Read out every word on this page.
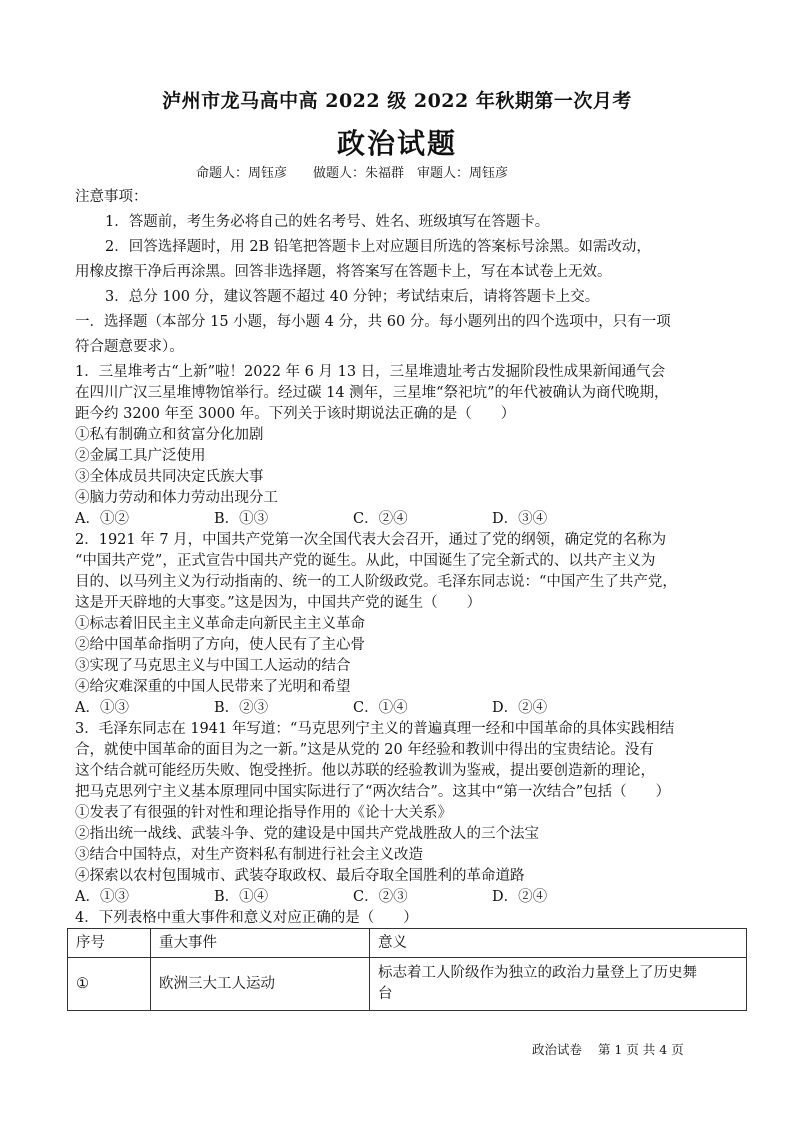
泸州市龙马高中高 2022 级 2022 年秋期第一次月考
政治试题
命题人：周钰彦　　做题人：朱福群　审题人：周钰彦
注意事项：
1．答题前，考生务必将自己的姓名考号、姓名、班级填写在答题卡。
2．回答选择题时，用 2B 铅笔把答题卡上对应题目所选的答案标号涂黑。如需改动，
用橡皮擦干净后再涂黑。回答非选择题，将答案写在答题卡上，写在本试卷上无效。
3．总分 100 分，建议答题不超过 40 分钟；考试结束后，请将答题卡上交。
一．选择题（本部分 15 小题，每小题 4 分，共 60 分。每小题列出的四个选项中，只有一项
符合题意要求）。
1．三星堆考古“上新”啦！2022 年 6 月 13 日，三星堆遗址考古发掘阶段性成果新闻通气会
在四川广汉三星堆博物馆举行。经过碳 14 测年，三星堆“祭祀坑”的年代被确认为商代晚期，
距今约 3200 年至 3000 年。下列关于该时期说法正确的是（　　）
①私有制确立和贫富分化加剧
②金属工具广泛使用
③全体成员共同决定氏族大事
④脑力劳动和体力劳动出现分工
A．①②	B．①③	C．②④	D．③④
2．1921 年 7 月，中国共产党第一次全国代表大会召开，通过了党的纲领，确定党的名称为
“中国共产党”，正式宣告中国共产党的诞生。从此，中国诞生了完全新式的、以共产主义为
目的、以马列主义为行动指南的、统一的工人阶级政党。毛泽东同志说：“中国产生了共产党，
这是开天辟地的大事变。”这是因为，中国共产党的诞生（　　）
①标志着旧民主主义革命走向新民主主义革命
②给中国革命指明了方向，使人民有了主心骨
③实现了马克思主义与中国工人运动的结合
④给灾难深重的中国人民带来了光明和希望
A．①③	B．②③	C．①④	D．②④
3．毛泽东同志在 1941 年写道：“马克思列宁主义的普遍真理一经和中国革命的具体实践相结
合，就使中国革命的面目为之一新。”这是从党的 20 年经验和教训中得出的宝贵结论。没有
这个结合就可能经历失败、饱受挫折。他以苏联的经验教训为鉴戒，提出要创造新的理论，
把马克思列宁主义基本原理同中国实际进行了“两次结合”。这其中“第一次结合”包括（　　）
①发表了有很强的针对性和理论指导作用的《论十大关系》
②指出统一战线、武装斗争、党的建设是中国共产党战胜敌人的三个法宝
③结合中国特点，对生产资料私有制进行社会主义改造
④探索以农村包围城市、武装夺取政权、最后夺取全国胜利的革命道路
A．①③	B．①④	C．②③	D．②④
4．下列表格中重大事件和意义对应正确的是（　　）
序号	重大事件	意义
①	欧洲三大工人运动	标志着工人阶级作为独立的政治力量登上了历史舞
台
政治试卷 第 1 页 共 4 页
